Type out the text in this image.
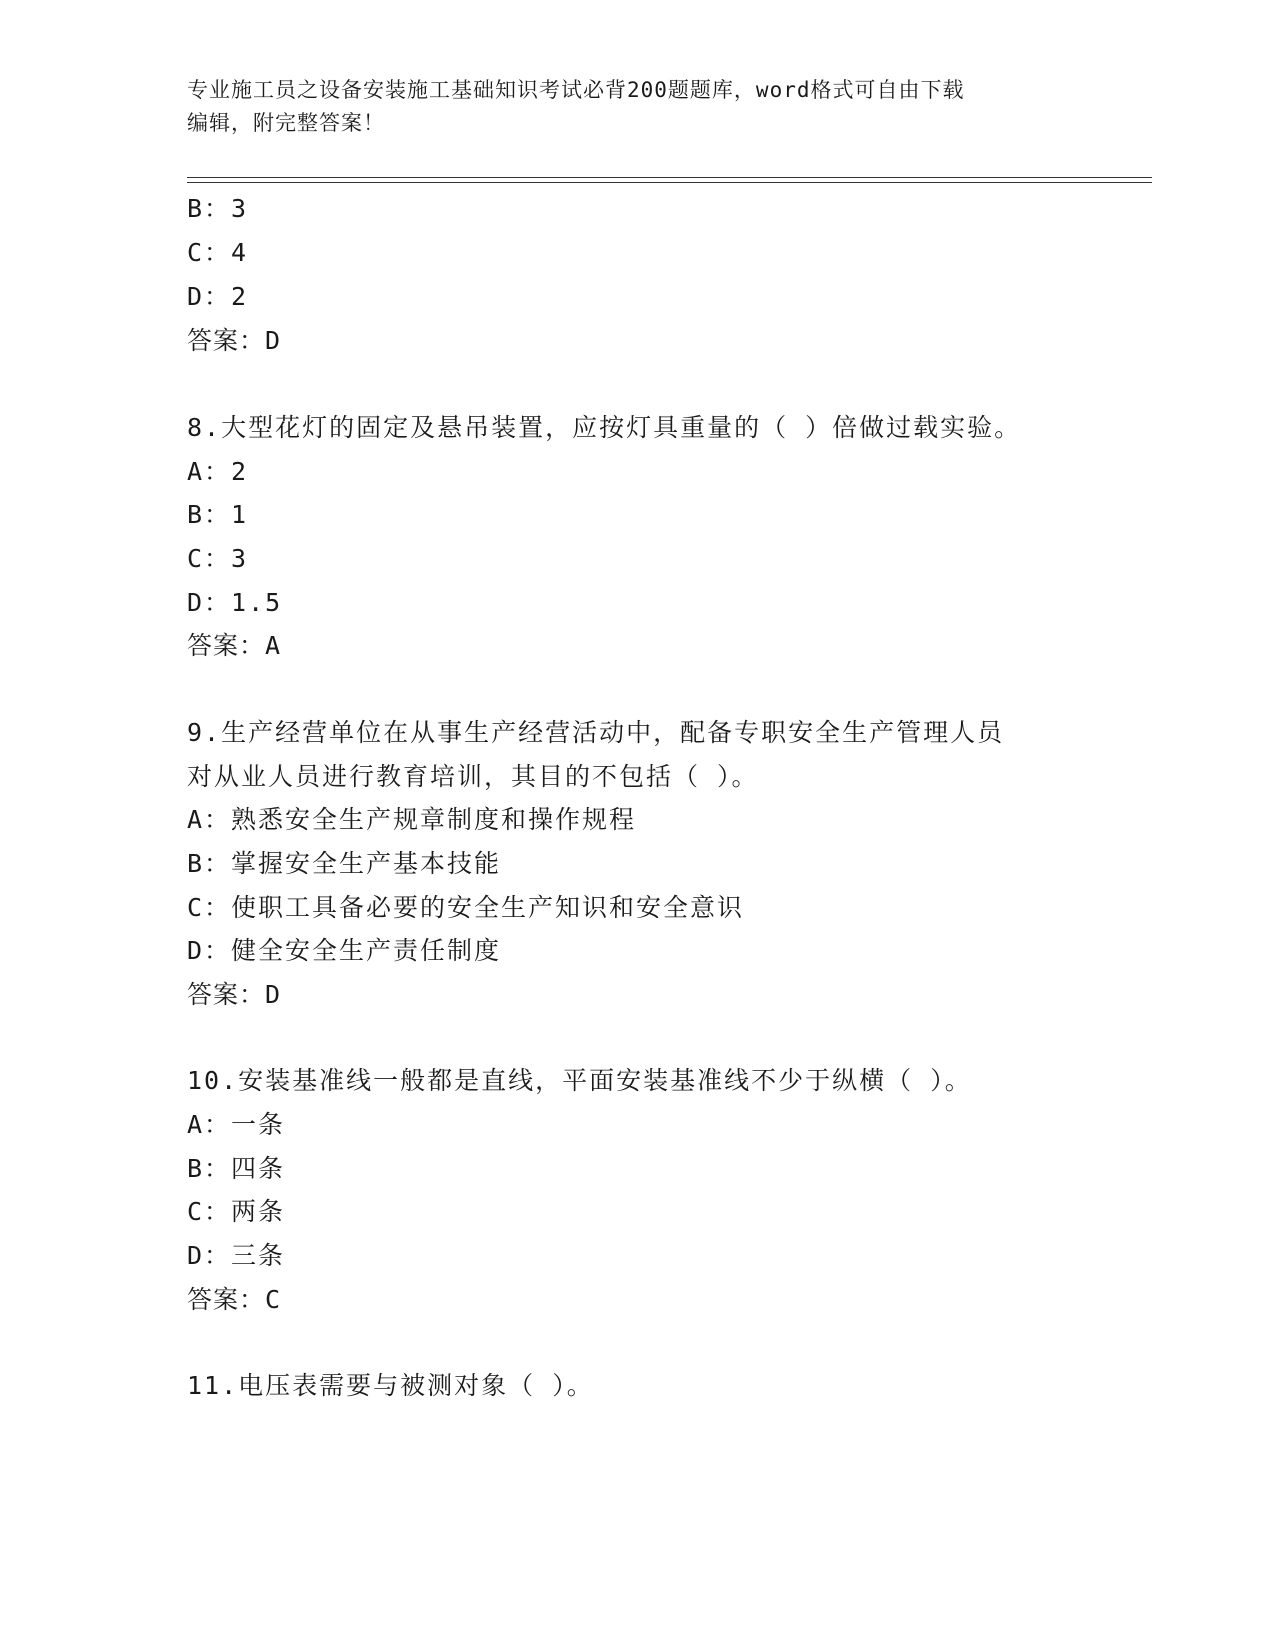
专业施工员之设备安装施工基础知识考试必背200题题库，word格式可自由下载
编辑，附完整答案！
B：3
C：4
D：2
答案：D
8.大型花灯的固定及悬吊装置，应按灯具重量的（ ）倍做过载实验。
A：2
B：1
C：3
D：1.5
答案：A
9.生产经营单位在从事生产经营活动中，配备专职安全生产管理人员
对从业人员进行教育培训，其目的不包括（ ）。
A：熟悉安全生产规章制度和操作规程
B：掌握安全生产基本技能
C：使职工具备必要的安全生产知识和安全意识
D：健全安全生产责任制度
答案：D
10.安装基准线一般都是直线，平面安装基准线不少于纵横（ ）。
A：一条
B：四条
C：两条
D：三条
答案：C
11.电压表需要与被测对象（ ）。
